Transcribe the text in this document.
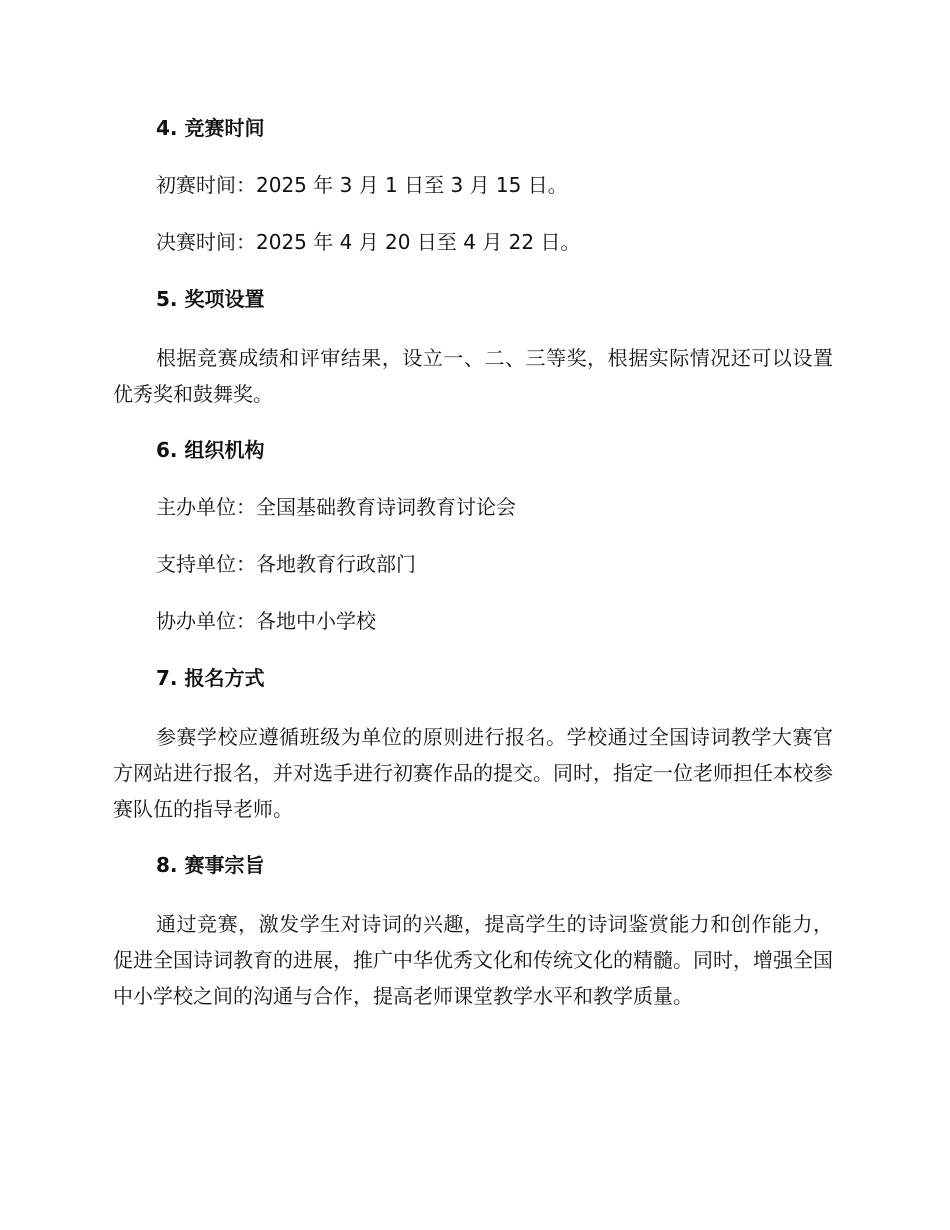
4. 竞赛时间
初赛时间：2025 年 3 月 1 日至 3 月 15 日。
决赛时间：2025 年 4 月 20 日至 4 月 22 日。
5. 奖项设置

根据竞赛成绩和评审结果，设立一、二、三等奖，根据实际情况还可以设置优秀奖和鼓舞奖。

6. 组织机构
主办单位：全国基础教育诗词教育讨论会
支持单位：各地教育行政部门
协办单位：各地中小学校
7. 报名方式

参赛学校应遵循班级为单位的原则进行报名。学校通过全国诗词教学大赛官方网站进行报名，并对选手进行初赛作品的提交。同时，指定一位老师担任本校参赛队伍的指导老师。

8. 赛事宗旨

通过竞赛，激发学生对诗词的兴趣，提高学生的诗词鉴赏能力和创作能力，促进全国诗词教育的进展，推广中华优秀文化和传统文化的精髓。同时，增强全国中小学校之间的沟通与合作，提高老师课堂教学水平和教学质量。
